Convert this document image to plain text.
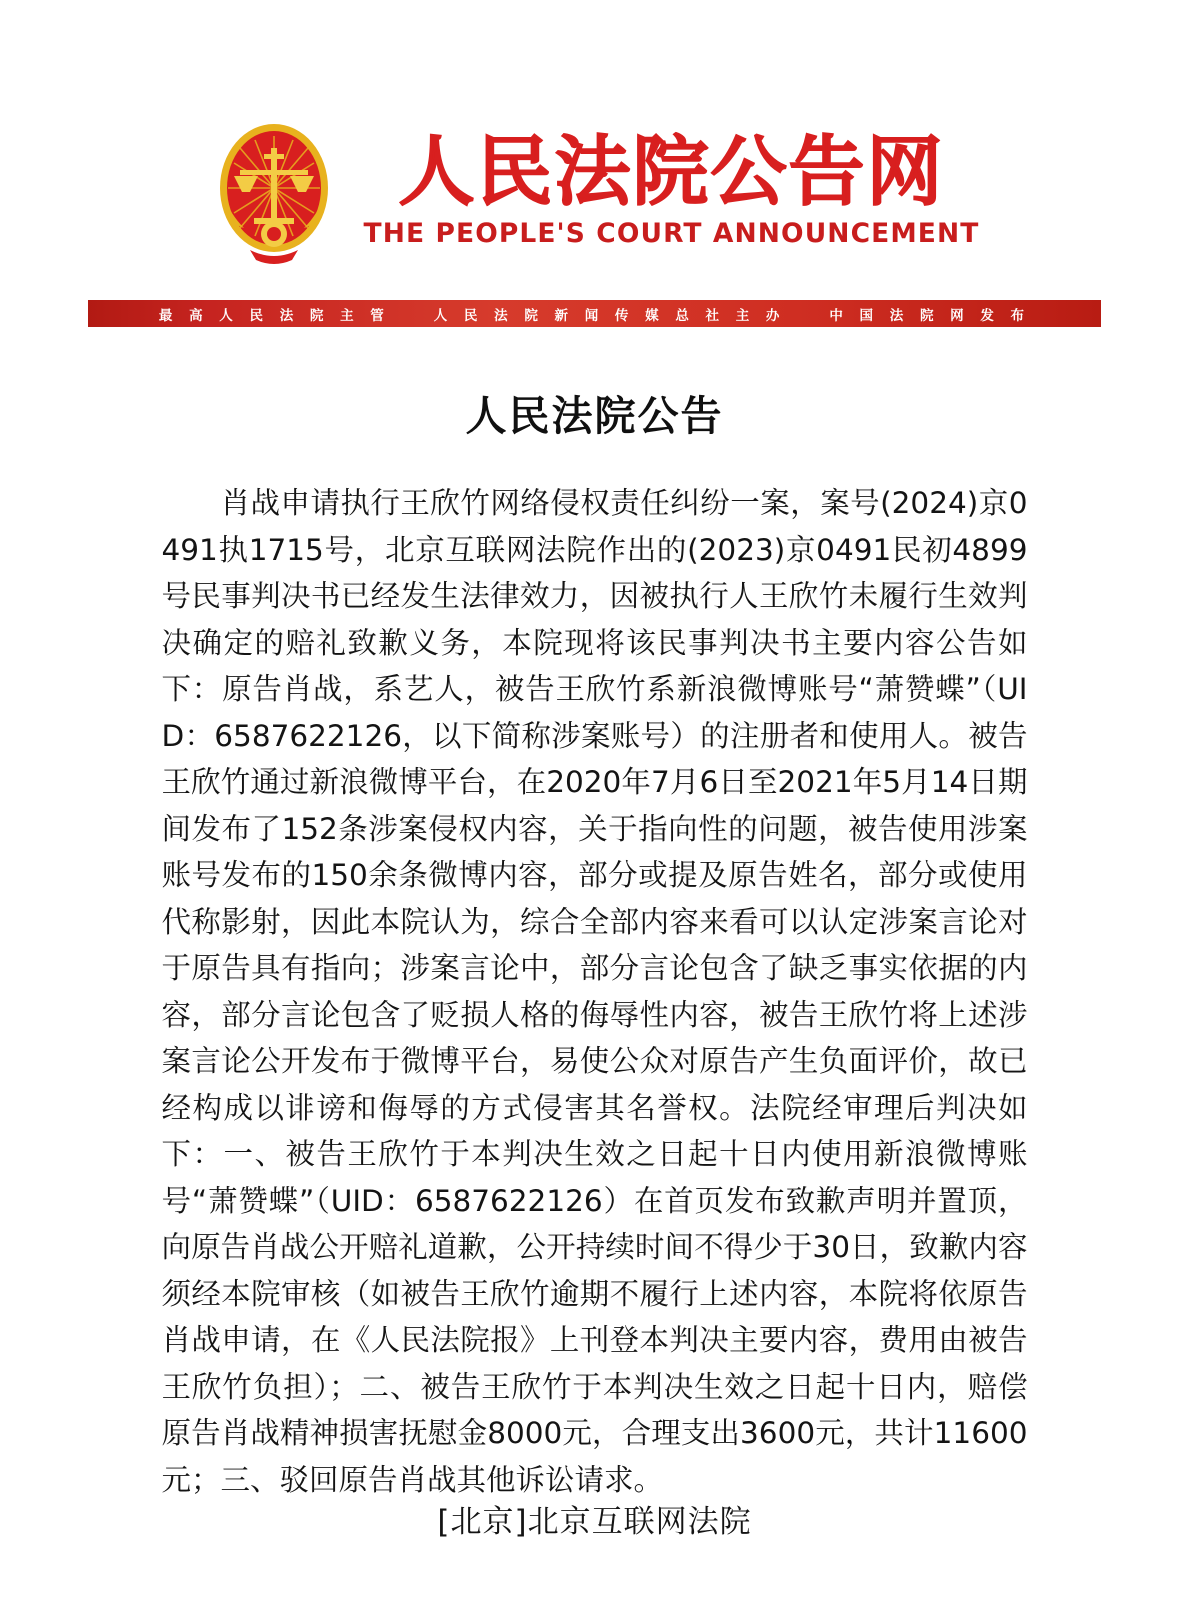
人民法院公告网
THE PEOPLE'S COURT ANNOUNCEMENT
最 高 人 民 法 院 主 管	人 民 法 院 新 闻 传 媒 总 社 主 办	中 国 法 院 网 发 布
人民法院公告
肖战申请执行王欣竹网络侵权责任纠纷一案，案号(2024)京0491执1715号，北京互联网法院作出的(2023)京0491民初4899号民事判决书已经发生法律效力，因被执行人王欣竹未履行生效判决确定的赔礼致歉义务，本院现将该民事判决书主要内容公告如下：原告肖战，系艺人，被告王欣竹系新浪微博账号“萧赞蝶”（UID：6587622126，以下简称涉案账号）的注册者和使用人。被告王欣竹通过新浪微博平台，在2020年7月6日至2021年5月14日期间发布了152条涉案侵权内容，关于指向性的问题，被告使用涉案账号发布的150余条微博内容，部分或提及原告姓名，部分或使用代称影射，因此本院认为，综合全部内容来看可以认定涉案言论对于原告具有指向；涉案言论中，部分言论包含了缺乏事实依据的内容，部分言论包含了贬损人格的侮辱性内容，被告王欣竹将上述涉案言论公开发布于微博平台，易使公众对原告产生负面评价，故已经构成以诽谤和侮辱的方式侵害其名誉权。法院经审理后判决如下：一、被告王欣竹于本判决生效之日起十日内使用新浪微博账号“萧赞蝶”（UID：6587622126）在首页发布致歉声明并置顶，向原告肖战公开赔礼道歉，公开持续时间不得少于30日，致歉内容须经本院审核（如被告王欣竹逾期不履行上述内容，本院将依原告肖战申请，在《人民法院报》上刊登本判决主要内容，费用由被告王欣竹负担）；二、被告王欣竹于本判决生效之日起十日内，赔偿原告肖战精神损害抚慰金8000元，合理支出3600元，共计11600元；三、驳回原告肖战其他诉讼请求。
[北京]北京互联网法院
